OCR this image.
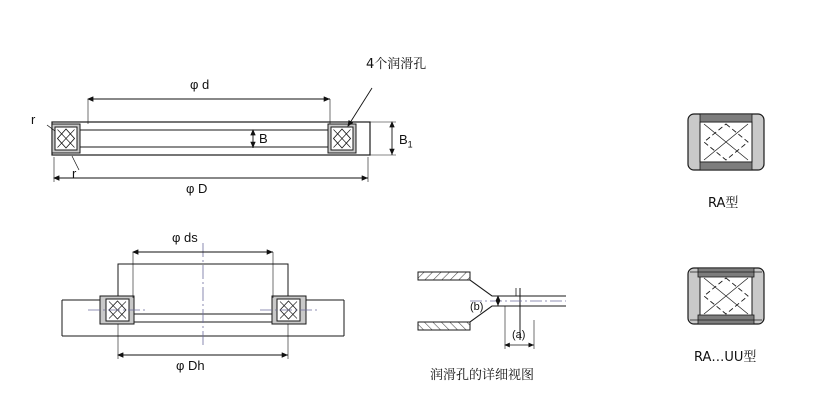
φ d
φ D
B	$B_1$
r
r
4个润滑孔
φ ds
φ Dh
(b)
(a)
润滑孔的详细视图
RA型
RA…UU型
